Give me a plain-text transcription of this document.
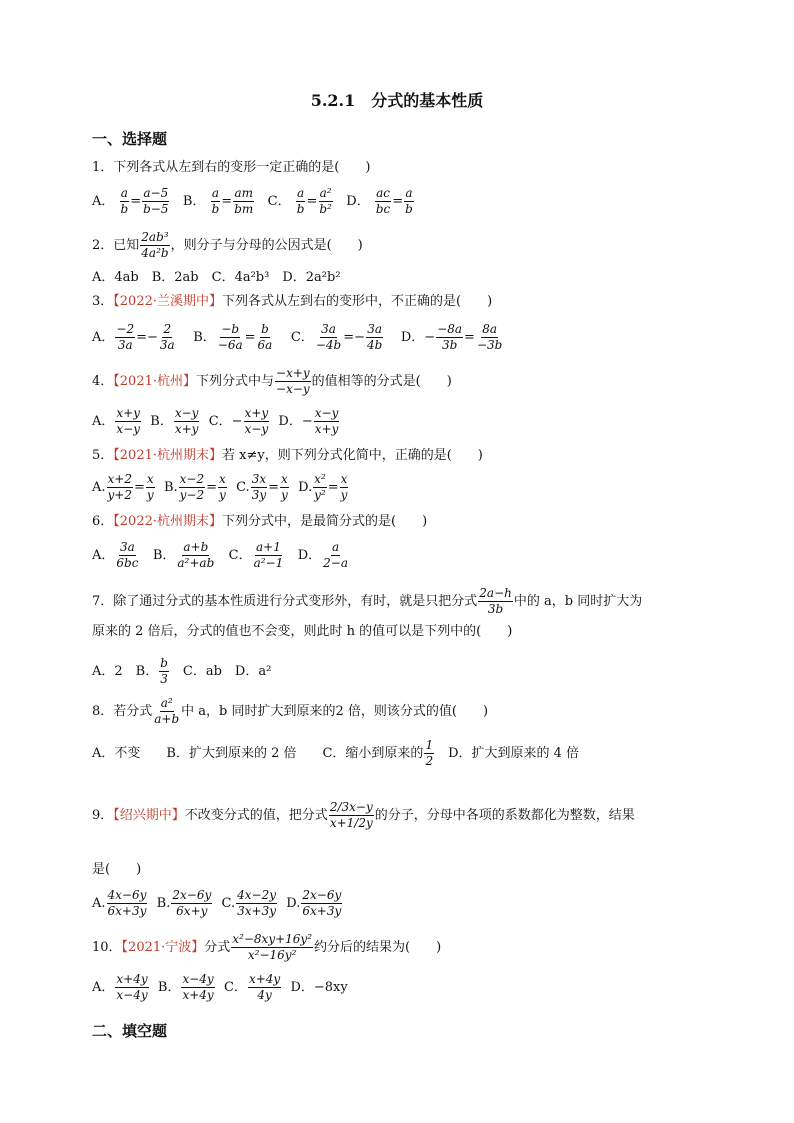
5.2.1　分式的基本性质
一、选择题
1．下列各式从左到右的变形一定正确的是(　　)
A． $\frac{a}{b} = \frac{a-5}{b-5}$ B． $\frac{a}{b} = \frac{am}{bm}$ C． $\frac{a}{b} = \frac{\text{a²}}{\text{b²}}$ D． $\frac{ac}{bc} = \frac{a}{b}$
2．已知 $\frac{\text{2ab³}}{\text{4a²b}}$ ，则分子与分母的公因式是(　　)
A．4ab　B．2ab　C．4a²b³　D．2a²b²
3．【2022·兰溪期中】下列各式从左到右的变形中，不正确的是(　　)
A． $\frac{-2}{3a} =- \frac{2}{3a}$ B． $\frac{-b}{-6a} = \frac{b}{6a}$ C． $\frac{3a}{-4b} =- \frac{3a}{4b}$ D．− $\frac{-8a}{3b} = \frac{8a}{-3b}$
4．【2021·杭州】下列分式中与 $\frac{-x+y}{-x-y}$ 的值相等的分式是(　　)
A． $\frac{x+y}{x-y}$ B． $\frac{x-y}{x+y}$ C．− $\frac{x+y}{x-y}$ D．− $\frac{x-y}{x+y}$
5．【2021·杭州期末】若 x≠y，则下列分式化简中，正确的是(　　)
A. $\frac{x+2}{y+2} = \frac{x}{y} B$. $\frac{x-2}{y-2} = \frac{x}{y} C$. $\frac{3x}{3y} = \frac{x}{y} D$. $\frac{\text{x²}}{\text{y²}} = \frac{x}{y}$
6．【2022·杭州期末】下列分式中，是最简分式的是(　　)
A． $\frac{3a}{6bc}$ B． $\frac{a+b}{\text{a²+ab}}$ C． $\frac{a+1}{\text{a²−1}}$ D． $\frac{a}{2-a}$
7．除了通过分式的基本性质进行分式变形外，有时，就是只把分式 $\frac{2a-h}{3b}$ 中的 a，b 同时扩大为
原来的 2 倍后，分式的值也不会变，则此时 h 的值可以是下列中的(　　)
A．2　B． $\frac{b}{3}$ 　C．ab　D．a²
8．若分式 $\frac{\text{a²}}{a+b}$ 中 a，b 同时扩大到原来的2 倍，则该分式的值(　　)
A．不变　　B．扩大到原来的 2 倍　　C．缩小到原来的 $\frac{1}{2}$ 　D．扩大到原来的 4 倍
9．【绍兴期中】不改变分式的值，把分式 $\frac{2/3x-y}{x+1/2y}$ 的分子，分母中各项的系数都化为整数，结果
是(　　)
A. $\frac{4x-6y}{6x+3y} B$. $\frac{2x-6y}{6x+y} C$. $\frac{4x-2y}{3x+3y} D$. $\frac{2x-6y}{6x+3y}$
10．【2021·宁波】分式 $\frac{\text{x²−8xy+16y²}}{\text{x²−16y²}}$ 约分后的结果为(　　)
A． $\frac{x+4y}{x-4y}$ B． $\frac{x-4y}{x+4y}$ C． $\frac{x+4y}{4y}$ D．−8xy
二、填空题
